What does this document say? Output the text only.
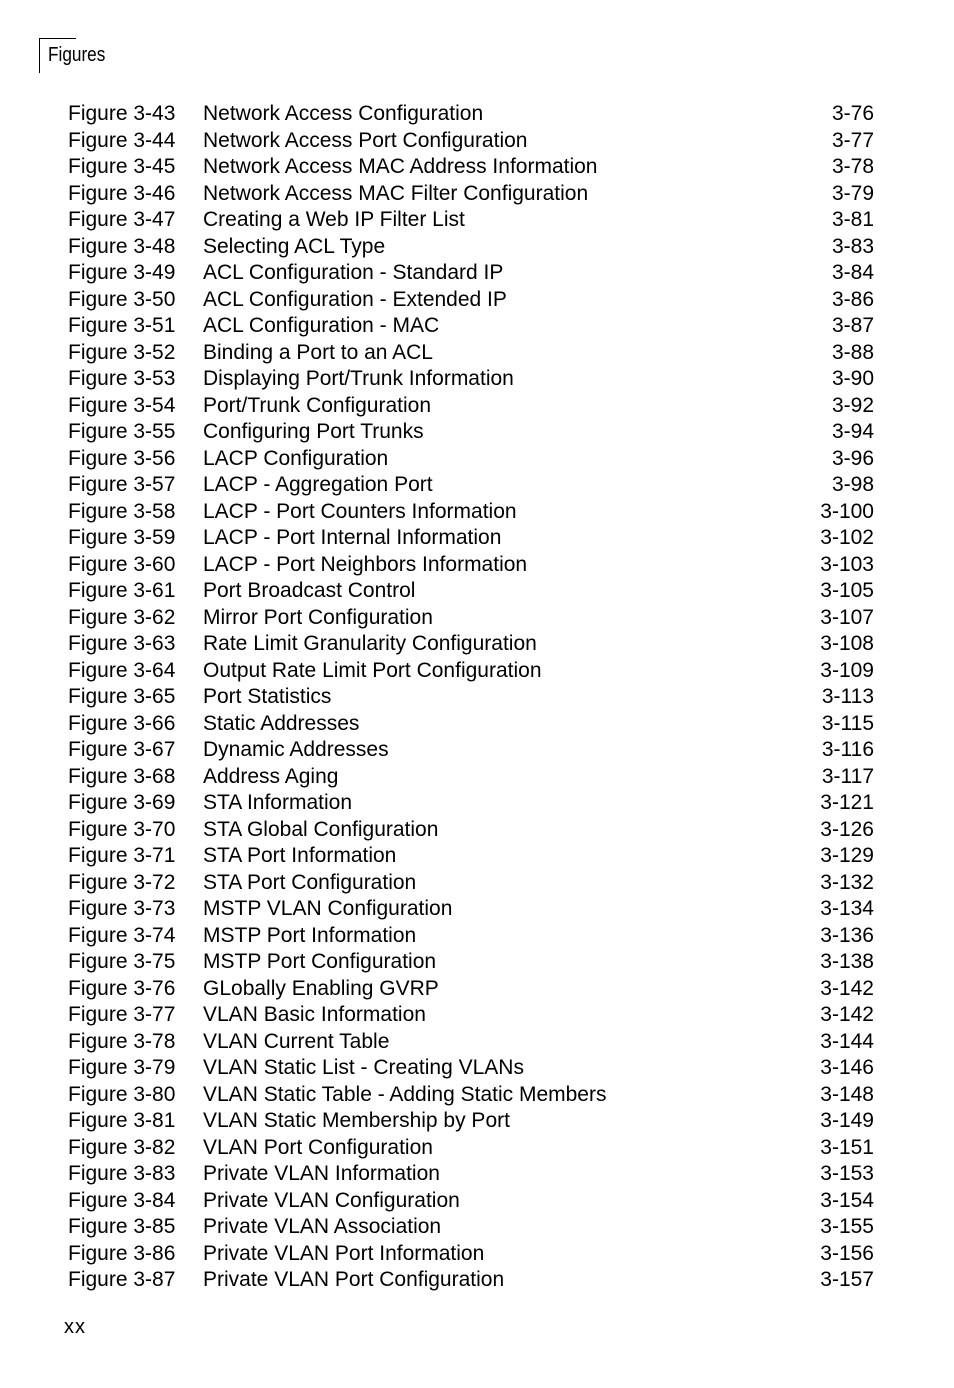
Figures
Figure 3-43	Network Access Configuration	3-76
Figure 3-44	Network Access Port Configuration	3-77
Figure 3-45	Network Access MAC Address Information	3-78
Figure 3-46	Network Access MAC Filter Configuration	3-79
Figure 3-47	Creating a Web IP Filter List	3-81
Figure 3-48	Selecting ACL Type	3-83
Figure 3-49	ACL Configuration - Standard IP	3-84
Figure 3-50	ACL Configuration - Extended IP	3-86
Figure 3-51	ACL Configuration - MAC	3-87
Figure 3-52	Binding a Port to an ACL	3-88
Figure 3-53	Displaying Port/Trunk Information	3-90
Figure 3-54	Port/Trunk Configuration	3-92
Figure 3-55	Configuring Port Trunks	3-94
Figure 3-56	LACP Configuration	3-96
Figure 3-57	LACP - Aggregation Port	3-98
Figure 3-58	LACP - Port Counters Information	3-100
Figure 3-59	LACP - Port Internal Information	3-102
Figure 3-60	LACP - Port Neighbors Information	3-103
Figure 3-61	Port Broadcast Control	3-105
Figure 3-62	Mirror Port Configuration	3-107
Figure 3-63	Rate Limit Granularity Configuration	3-108
Figure 3-64	Output Rate Limit Port Configuration	3-109
Figure 3-65	Port Statistics	3-113
Figure 3-66	Static Addresses	3-115
Figure 3-67	Dynamic Addresses	3-116
Figure 3-68	Address Aging	3-117
Figure 3-69	STA Information	3-121
Figure 3-70	STA Global Configuration	3-126
Figure 3-71	STA Port Information	3-129
Figure 3-72	STA Port Configuration	3-132
Figure 3-73	MSTP VLAN Configuration	3-134
Figure 3-74	MSTP Port Information	3-136
Figure 3-75	MSTP Port Configuration	3-138
Figure 3-76	GLobally Enabling GVRP	3-142
Figure 3-77	VLAN Basic Information	3-142
Figure 3-78	VLAN Current Table	3-144
Figure 3-79	VLAN Static List - Creating VLANs	3-146
Figure 3-80	VLAN Static Table - Adding Static Members	3-148
Figure 3-81	VLAN Static Membership by Port	3-149
Figure 3-82	VLAN Port Configuration	3-151
Figure 3-83	Private VLAN Information	3-153
Figure 3-84	Private VLAN Configuration	3-154
Figure 3-85	Private VLAN Association	3-155
Figure 3-86	Private VLAN Port Information	3-156
Figure 3-87	Private VLAN Port Configuration	3-157
xx
